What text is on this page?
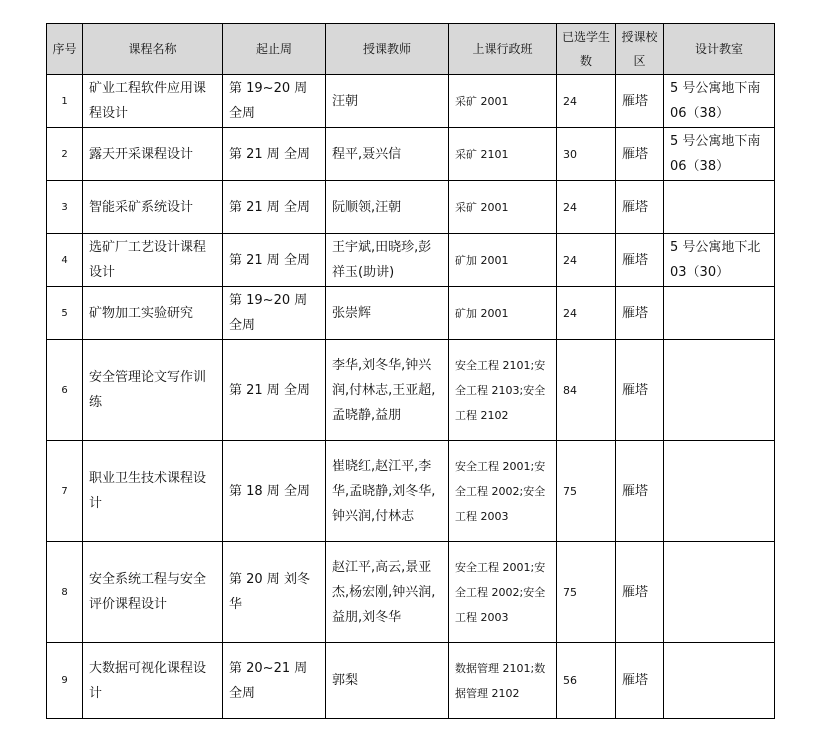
序号	课程名称	起止周	授课教师	上课行政班	已选学生数	授课校区	设计教室
1	矿业工程软件应用课程设计	第 19~20 周 全周	汪朝	采矿 2001	24	雁塔	5 号公寓地下南 06（38）
2	露天开采课程设计	第 21 周 全周	程平,聂兴信	采矿 2101	30	雁塔	5 号公寓地下南 06（38）
3	智能采矿系统设计	第 21 周 全周	阮顺领,汪朝	采矿 2001	24	雁塔	
4	选矿厂工艺设计课程设计	第 21 周 全周	王宇斌,田晓珍,彭祥玉(助讲)	矿加 2001	24	雁塔	5 号公寓地下北 03（30）
5	矿物加工实验研究	第 19~20 周 全周	张崇辉	矿加 2001	24	雁塔	
6	安全管理论文写作训练	第 21 周 全周	李华,刘冬华,钟兴润,付林志,王亚超,孟晓静,益朋	安全工程 2101;安全工程 2103;安全工程 2102	84	雁塔	
7	职业卫生技术课程设计	第 18 周 全周	崔晓红,赵江平,李华,孟晓静,刘冬华,钟兴润,付林志	安全工程 2001;安全工程 2002;安全工程 2003	75	雁塔	
8	安全系统工程与安全评价课程设计	第 20 周 刘冬华	赵江平,高云,景亚杰,杨宏刚,钟兴润,益朋,刘冬华	安全工程 2001;安全工程 2002;安全工程 2003	75	雁塔	
9	大数据可视化课程设计	第 20~21 周 全周	郭梨	数据管理 2101;数据管理 2102	56	雁塔	
